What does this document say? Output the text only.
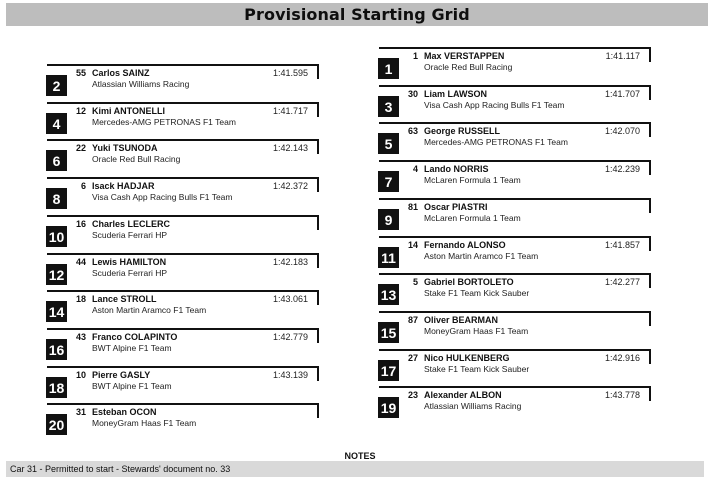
Provisional Starting Grid
2
55 Carlos SAINZ
Atlassian Williams Racing
1:41.595
4
12 Kimi ANTONELLI
Mercedes-AMG PETRONAS F1 Team
1:41.717
6
22 Yuki TSUNODA
Oracle Red Bull Racing
1:42.143
8
6 Isack HADJAR
Visa Cash App Racing Bulls F1 Team
1:42.372
10
16 Charles LECLERC
Scuderia Ferrari HP
12
44 Lewis HAMILTON
Scuderia Ferrari HP
1:42.183
14
18 Lance STROLL
Aston Martin Aramco F1 Team
1:43.061
16
43 Franco COLAPINTO
BWT Alpine F1 Team
1:42.779
18
10 Pierre GASLY
BWT Alpine F1 Team
1:43.139
20
31 Esteban OCON
MoneyGram Haas F1 Team
1
1 Max VERSTAPPEN
Oracle Red Bull Racing
1:41.117
3
30 Liam LAWSON
Visa Cash App Racing Bulls F1 Team
1:41.707
5
63 George RUSSELL
Mercedes-AMG PETRONAS F1 Team
1:42.070
7
4 Lando NORRIS
McLaren Formula 1 Team
1:42.239
9
81 Oscar PIASTRI
McLaren Formula 1 Team
11
14 Fernando ALONSO
Aston Martin Aramco F1 Team
1:41.857
13
5 Gabriel BORTOLETO
Stake F1 Team Kick Sauber
1:42.277
15
87 Oliver BEARMAN
MoneyGram Haas F1 Team
17
27 Nico HULKENBERG
Stake F1 Team Kick Sauber
1:42.916
19
23 Alexander ALBON
Atlassian Williams Racing
1:43.778
NOTES
Car 31 - Permitted to start - Stewards' document no. 33
